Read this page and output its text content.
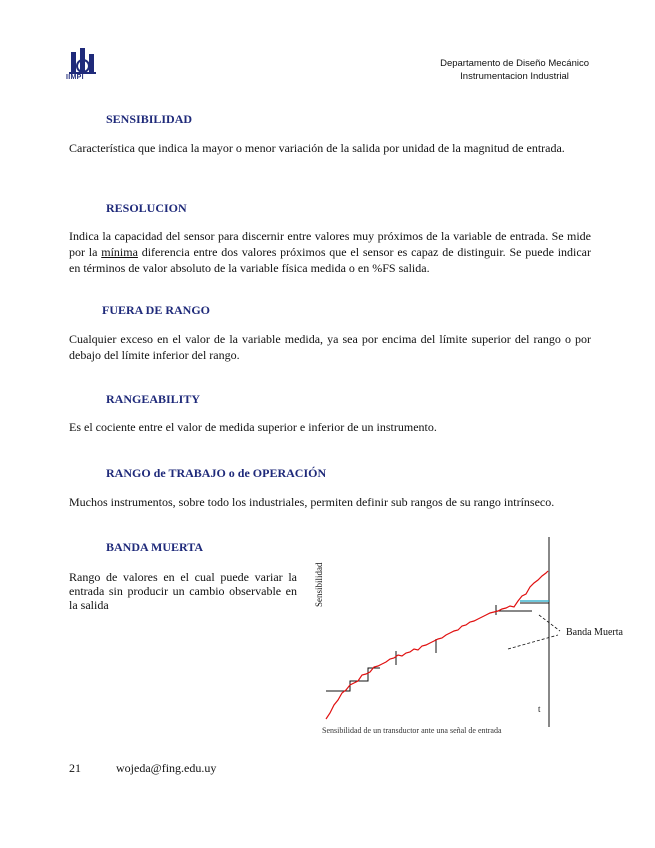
IIMPI
Departamento de Diseño Mecánico
Instrumentacion Industrial
SENSIBILIDAD

Característica que indica la mayor o menor variación de la salida por unidad de la magnitud de entrada.

RESOLUCION

Indica la capacidad del sensor para discernir entre valores muy próximos de la variable de entrada. Se mide por la mínima diferencia entre dos valores próximos que el sensor es capaz de distinguir. Se puede indicar en términos de valor absoluto de la variable física medida o en %FS salida.

FUERA DE RANGO

Cualquier exceso en el valor de la variable medida, ya sea por encima del límite superior del rango o por debajo del límite inferior del rango.

RANGEABILITY

Es el cociente entre el valor de medida superior e inferior de un instrumento.

RANGO de TRABAJO o de OPERACIÓN

Muchos instrumentos, sobre todo los industriales, permiten definir sub rangos de su rango intrínseco.

BANDA MUERTA

Rango de valores en el cual puede variar la entrada sin producir un cambio observable en la salida	Sensibilidad
Banda Muerta
t
Sensibilidad de un transductor ante una señal de entrada
21	wojeda@fing.edu.uy
